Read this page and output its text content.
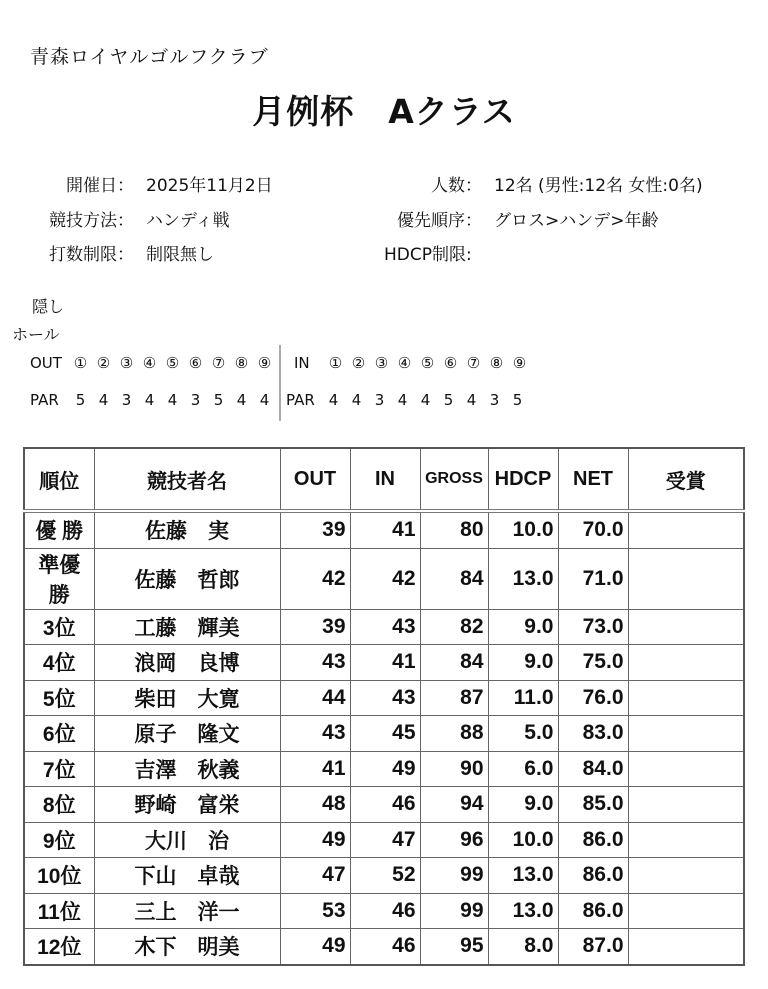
青森ロイヤルゴルフクラブ
月例杯　Aクラス
開催日： 2025年11月2日
競技方法： ハンディ戦
打数制限： 制限無し
人数： 12名 (男性:12名 女性:0名)
優先順序： グロス>ハンデ>年齢
HDCP制限:
隠し
ホール
OUT ① ② ③ ④ ⑤ ⑥ ⑦ ⑧ ⑨	IN ① ② ③ ④ ⑤ ⑥ ⑦ ⑧ ⑨
PAR 5 4 3 4 4 3 5 4 4	PAR 4 4 3 4 4 5 4 3 5
順位	競技者名	OUT	IN	GROSS	HDCP	NET	受賞
優 勝	佐藤　実	39	41	80	10.0	70.0	
準優勝	佐藤　哲郎	42	42	84	13.0	71.0	
3位	工藤　輝美	39	43	82	9.0	73.0	
4位	浪岡　良博	43	41	84	9.0	75.0	
5位	柴田　大寛	44	43	87	11.0	76.0	
6位	原子　隆文	43	45	88	5.0	83.0	
7位	吉澤　秋義	41	49	90	6.0	84.0	
8位	野崎　富栄	48	46	94	9.0	85.0	
9位	大川　治	49	47	96	10.0	86.0	
10位	下山　卓哉	47	52	99	13.0	86.0	
11位	三上　洋一	53	46	99	13.0	86.0	
12位	木下　明美	49	46	95	8.0	87.0	
